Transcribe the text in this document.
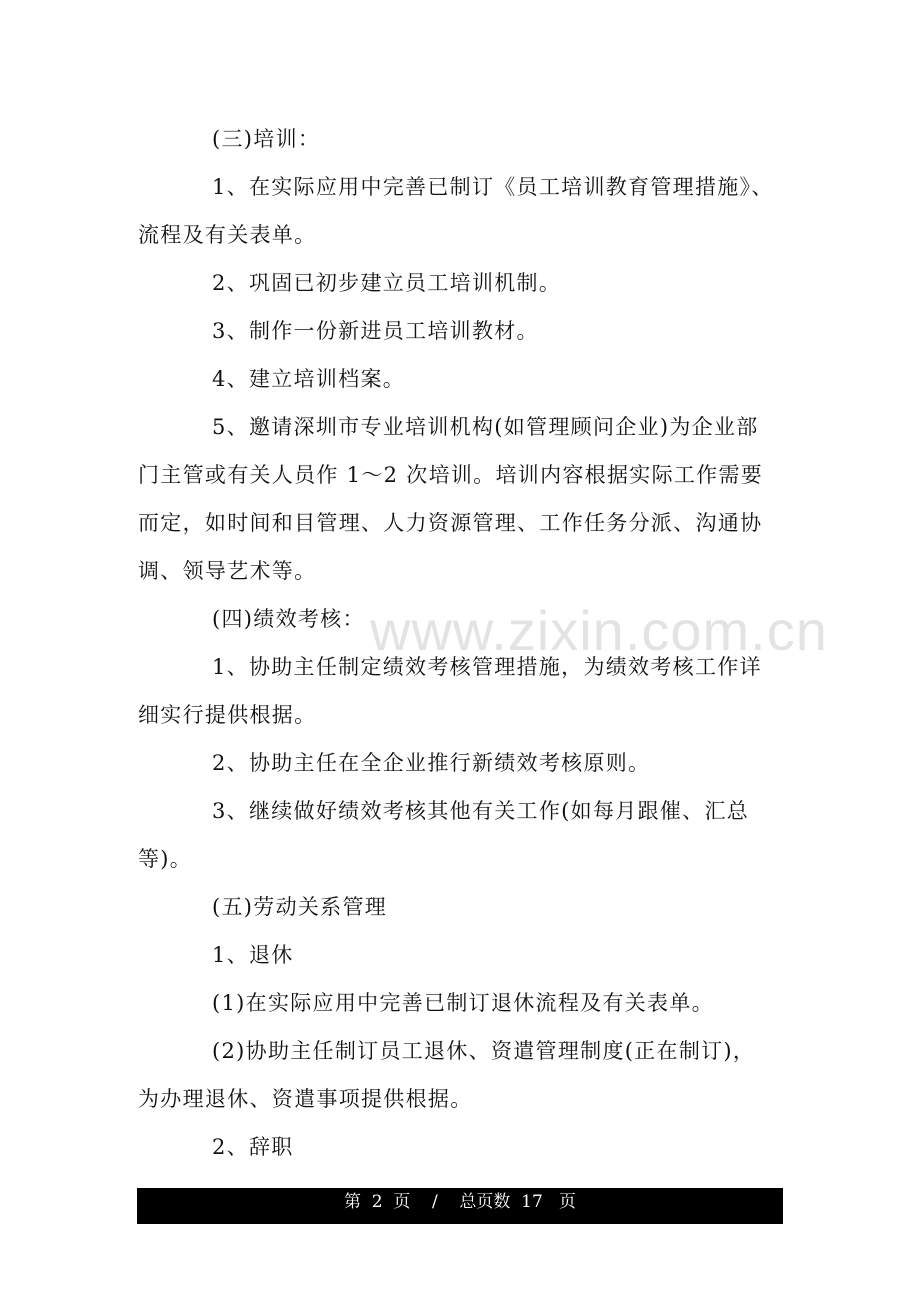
(三)培训：

1、在实际应用中完善已制订《员工培训教育管理措施》、

流程及有关表单。

2、巩固已初步建立员工培训机制。

3、制作一份新进员工培训教材。

4、建立培训档案。

5、邀请深圳市专业培训机构(如管理顾问企业)为企业部

门主管或有关人员作 1～2 次培训。培训内容根据实际工作需要

而定，如时间和目管理、人力资源管理、工作任务分派、沟通协

调、领导艺术等。

(四)绩效考核：

1、协助主任制定绩效考核管理措施，为绩效考核工作详

细实行提供根据。

2、协助主任在全企业推行新绩效考核原则。

3、继续做好绩效考核其他有关工作(如每月跟催、汇总

等)。

(五)劳动关系管理

1、退休

(1)在实际应用中完善已制订退休流程及有关表单。

(2)协助主任制订员工退休、资遣管理制度(正在制订)，

为办理退休、资遣事项提供根据。

2、辞职

www.zixin.com.cn
第  2  页    /    总页数  17   页
